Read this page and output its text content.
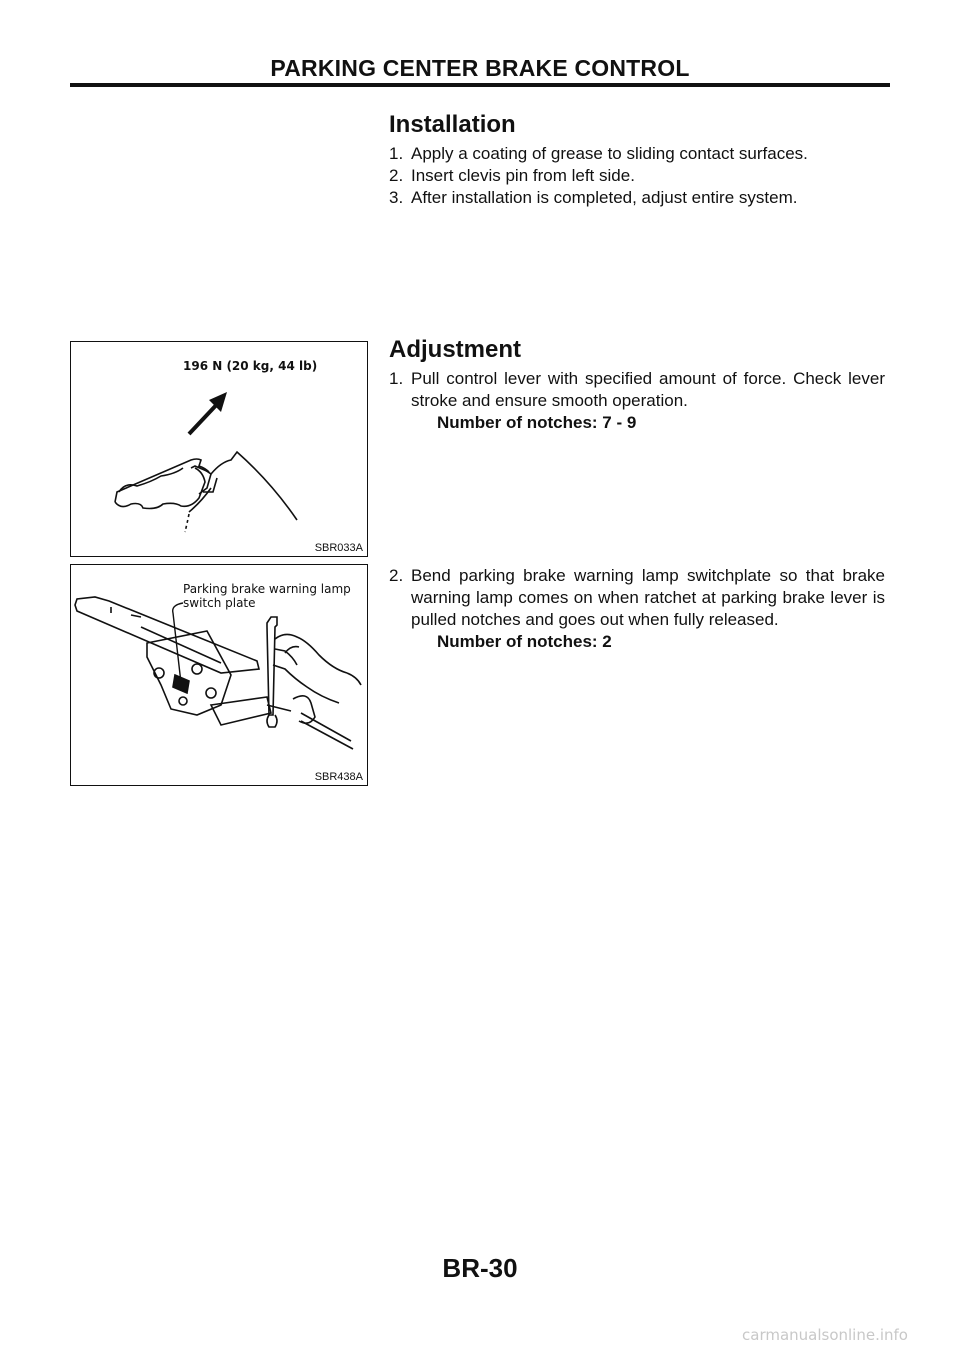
PARKING CENTER BRAKE CONTROL
Installation
1. Apply a coating of grease to sliding contact surfaces.
2. Insert clevis pin from left side.
3. After installation is completed, adjust entire system.
Adjustment
1. Pull control lever with specified amount of force. Check lever stroke and ensure smooth operation.
Number of notches: 7 - 9
2. Bend parking brake warning lamp switchplate so that brake warning lamp comes on when ratchet at parking brake lever is pulled notches and goes out when fully released.
Number of notches: 2
196 N (20 kg, 44 lb)
SBR033A
Parking brake warning lamp
switch plate
SBR438A
BR-30
carmanualsonline.info
